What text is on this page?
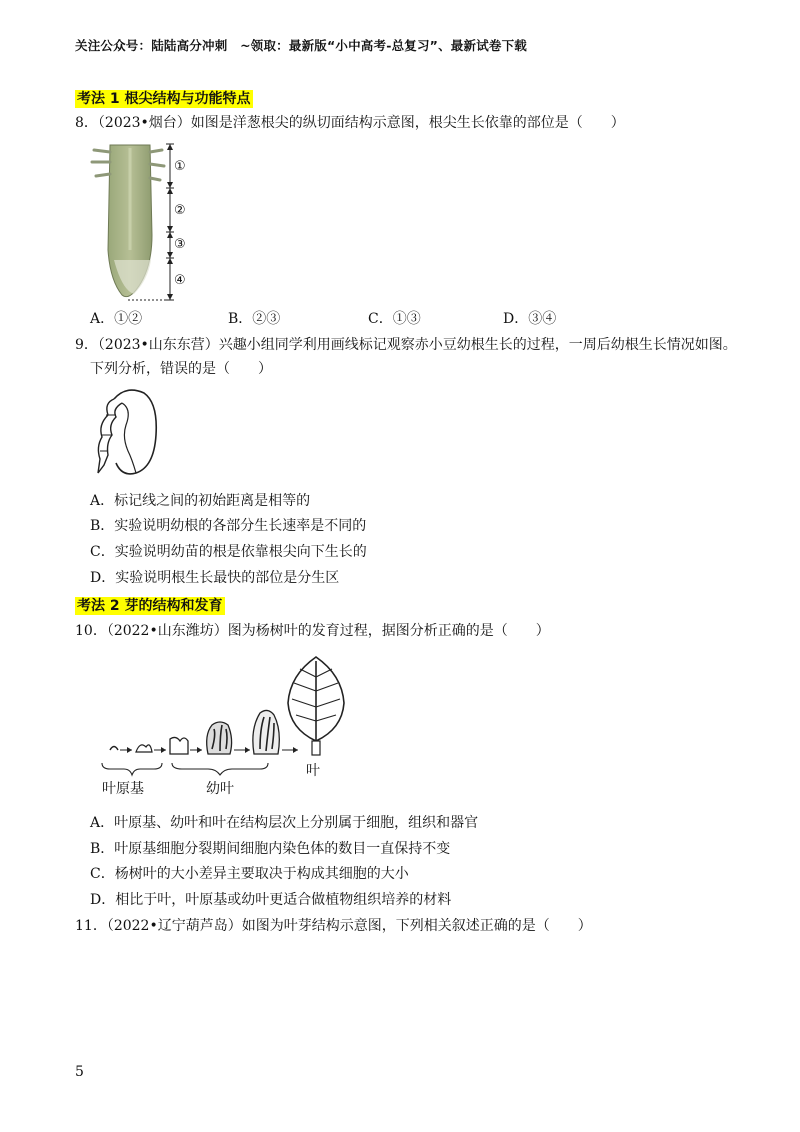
关注公众号：陆陆高分冲刺　~领取：最新版“小中高考-总复习”、最新试卷下载
考法 1 根尖结构与功能特点
8．（2023•烟台）如图是洋葱根尖的纵切面结构示意图，根尖生长依靠的部位是（　　）
①
②
③
④
A．①②	B．②③	C．①③	D．③④
9．（2023•山东东营）兴趣小组同学利用画线标记观察赤小豆幼根生长的过程，一周后幼根生长情况如图。
下列分析，错误的是（　　）
A．标记线之间的初始距离是相等的
B．实验说明幼根的各部分生长速率是不同的
C．实验说明幼苗的根是依靠根尖向下生长的
D．实验说明根生长最快的部位是分生区
考法 2 芽的结构和发育
10．（2022•山东潍坊）图为杨树叶的发育过程，据图分析正确的是（　　）
叶原基	幼叶
叶
A．叶原基、幼叶和叶在结构层次上分别属于细胞，组织和器官
B．叶原基细胞分裂期间细胞内染色体的数目一直保持不变
C．杨树叶的大小差异主要取决于构成其细胞的大小
D．相比于叶，叶原基或幼叶更适合做植物组织培养的材料
11．（2022•辽宁葫芦岛）如图为叶芽结构示意图，下列相关叙述正确的是（　　）
5
